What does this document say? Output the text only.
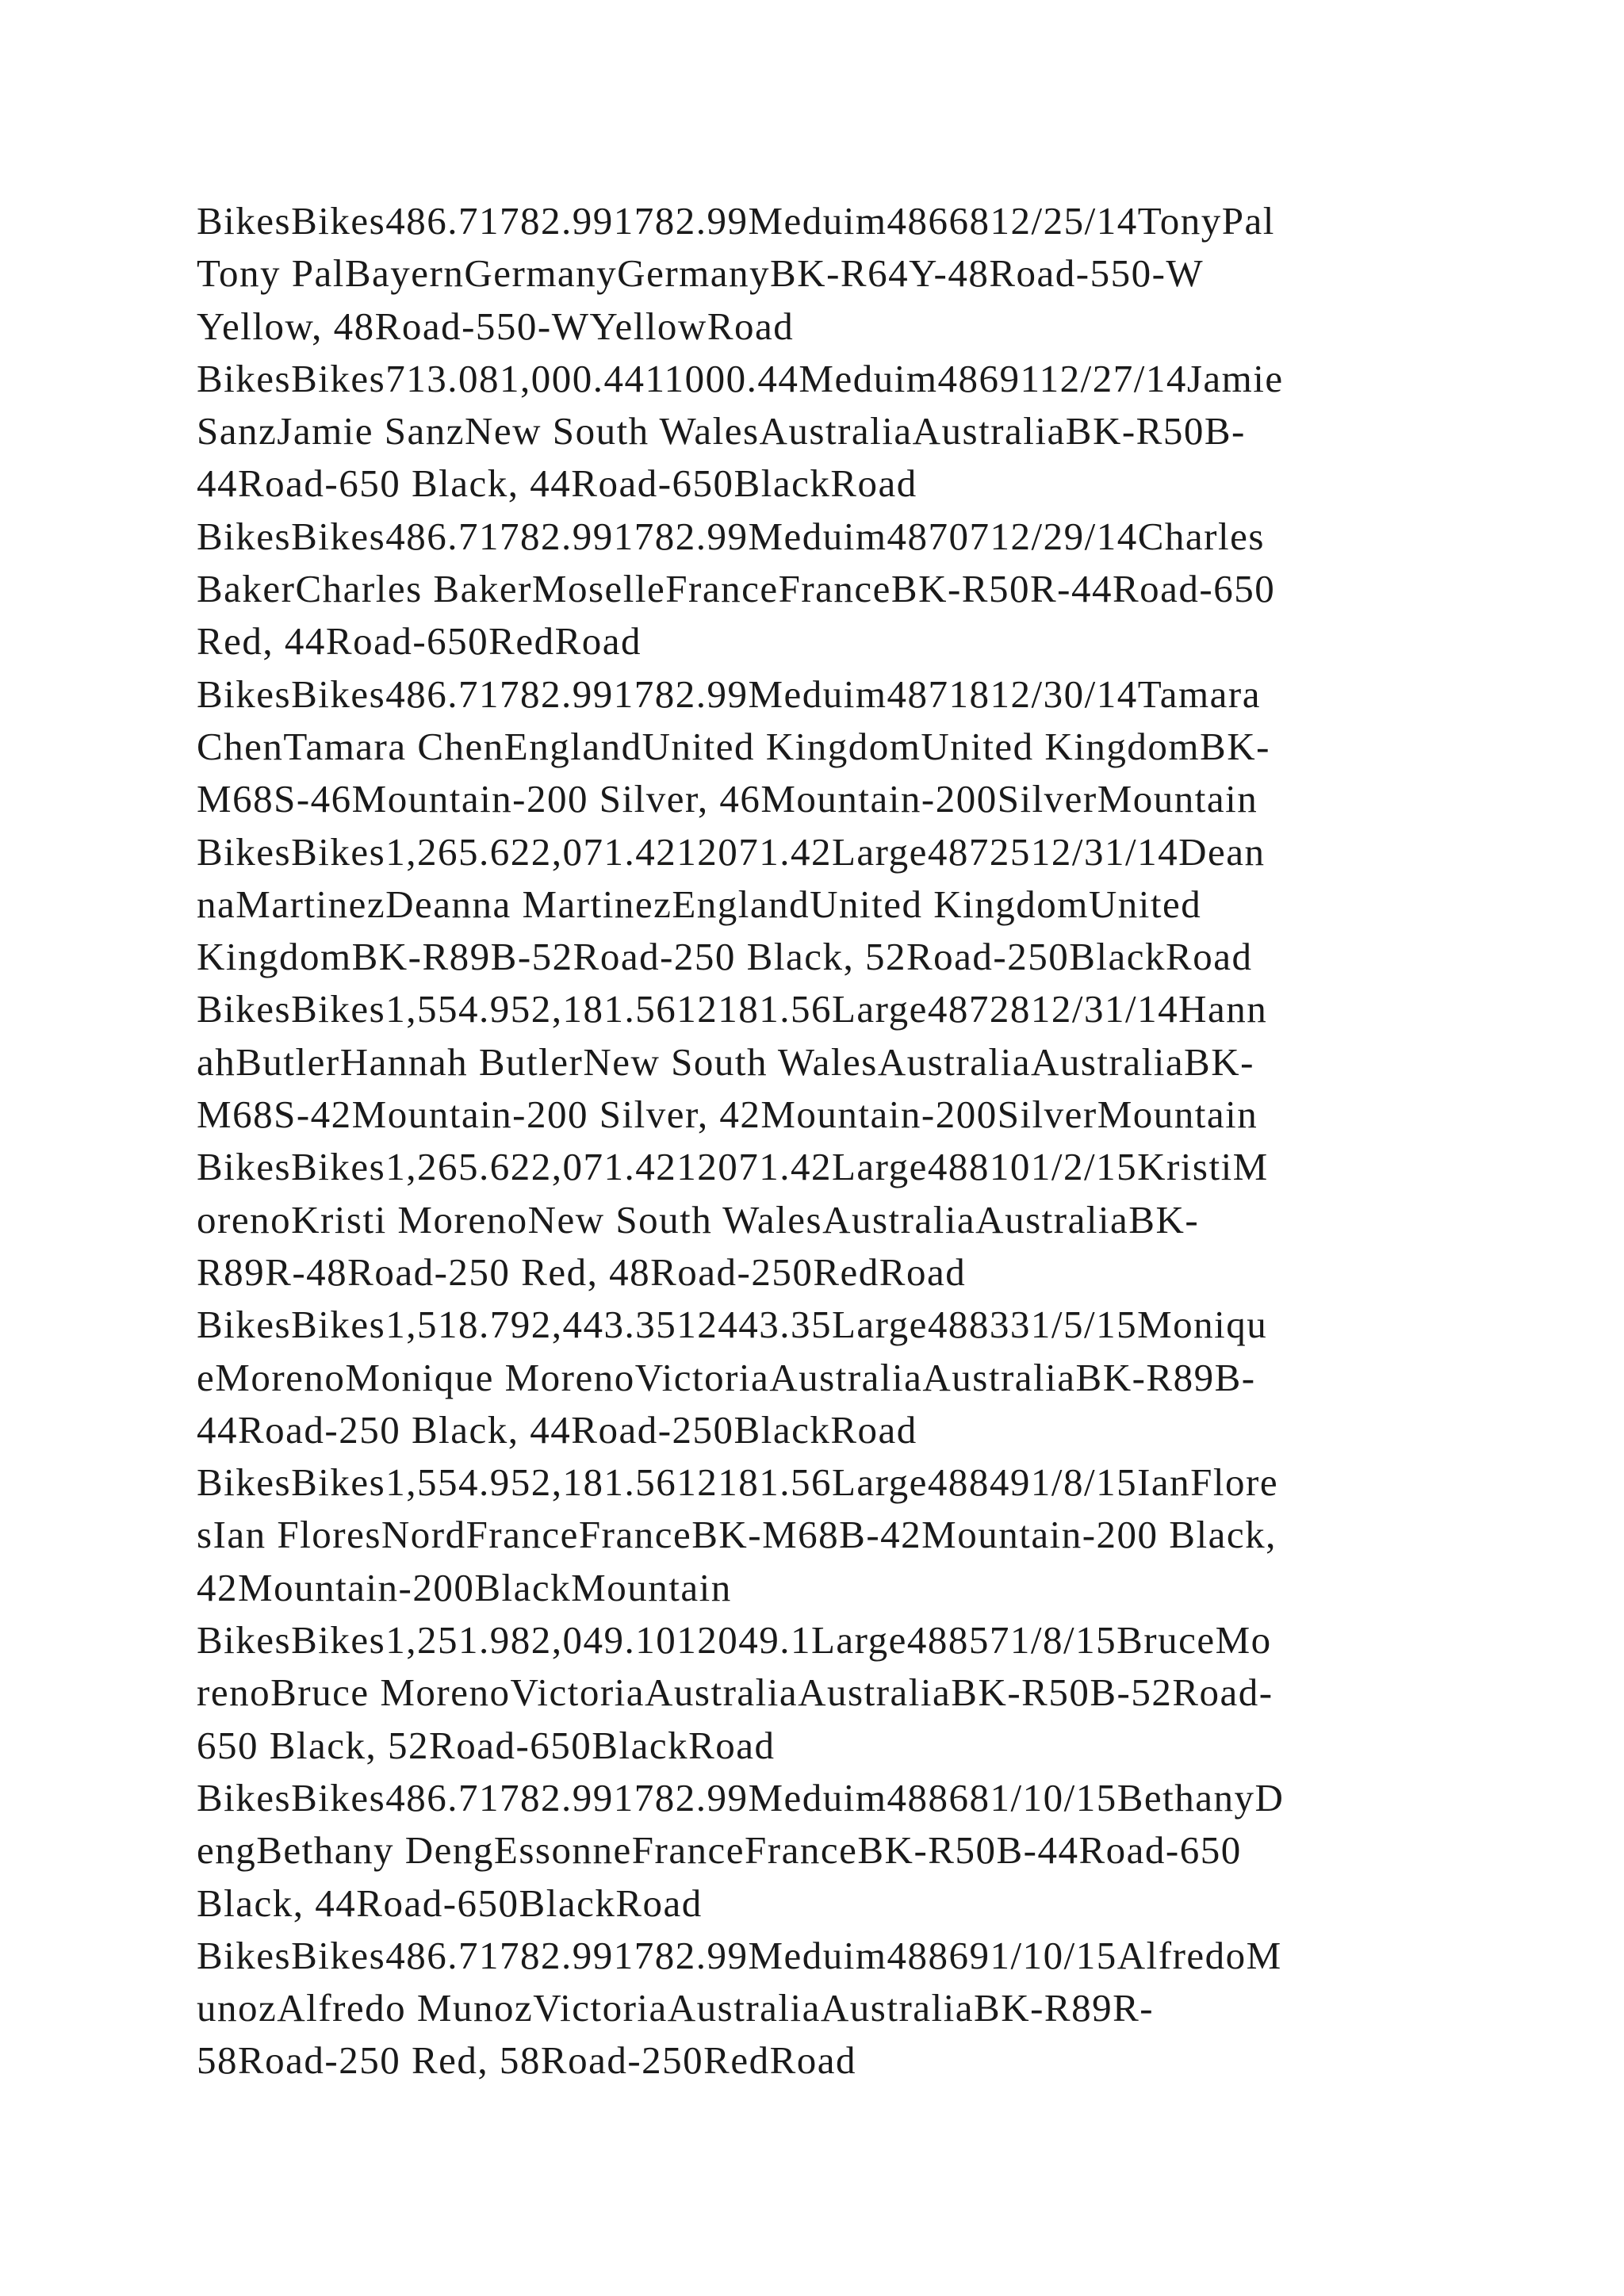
BikesBikes486.71782.991782.99Meduim4866812/25/14TonyPal
Tony PalBayernGermanyGermanyBK-R64Y-48Road-550-W
Yellow, 48Road-550-WYellowRoad
BikesBikes713.081,000.4411000.44Meduim4869112/27/14Jamie
SanzJamie SanzNew South WalesAustraliaAustraliaBK-R50B-
44Road-650 Black, 44Road-650BlackRoad
BikesBikes486.71782.991782.99Meduim4870712/29/14Charles
BakerCharles BakerMoselleFranceFranceBK-R50R-44Road-650
Red, 44Road-650RedRoad
BikesBikes486.71782.991782.99Meduim4871812/30/14Tamara
ChenTamara ChenEnglandUnited KingdomUnited KingdomBK-
M68S-46Mountain-200 Silver, 46Mountain-200SilverMountain
BikesBikes1,265.622,071.4212071.42Large4872512/31/14Dean
naMartinezDeanna MartinezEnglandUnited KingdomUnited
KingdomBK-R89B-52Road-250 Black, 52Road-250BlackRoad
BikesBikes1,554.952,181.5612181.56Large4872812/31/14Hann
ahButlerHannah ButlerNew South WalesAustraliaAustraliaBK-
M68S-42Mountain-200 Silver, 42Mountain-200SilverMountain
BikesBikes1,265.622,071.4212071.42Large488101/2/15KristiM
orenoKristi MorenoNew South WalesAustraliaAustraliaBK-
R89R-48Road-250 Red, 48Road-250RedRoad
BikesBikes1,518.792,443.3512443.35Large488331/5/15Moniqu
eMorenoMonique MorenoVictoriaAustraliaAustraliaBK-R89B-
44Road-250 Black, 44Road-250BlackRoad
BikesBikes1,554.952,181.5612181.56Large488491/8/15IanFlore
sIan FloresNordFranceFranceBK-M68B-42Mountain-200 Black,
42Mountain-200BlackMountain
BikesBikes1,251.982,049.1012049.1Large488571/8/15BruceMo
renoBruce MorenoVictoriaAustraliaAustraliaBK-R50B-52Road-
650 Black, 52Road-650BlackRoad
BikesBikes486.71782.991782.99Meduim488681/10/15BethanyD
engBethany DengEssonneFranceFranceBK-R50B-44Road-650
Black, 44Road-650BlackRoad
BikesBikes486.71782.991782.99Meduim488691/10/15AlfredoM
unozAlfredo MunozVictoriaAustraliaAustraliaBK-R89R-
58Road-250 Red, 58Road-250RedRoad
